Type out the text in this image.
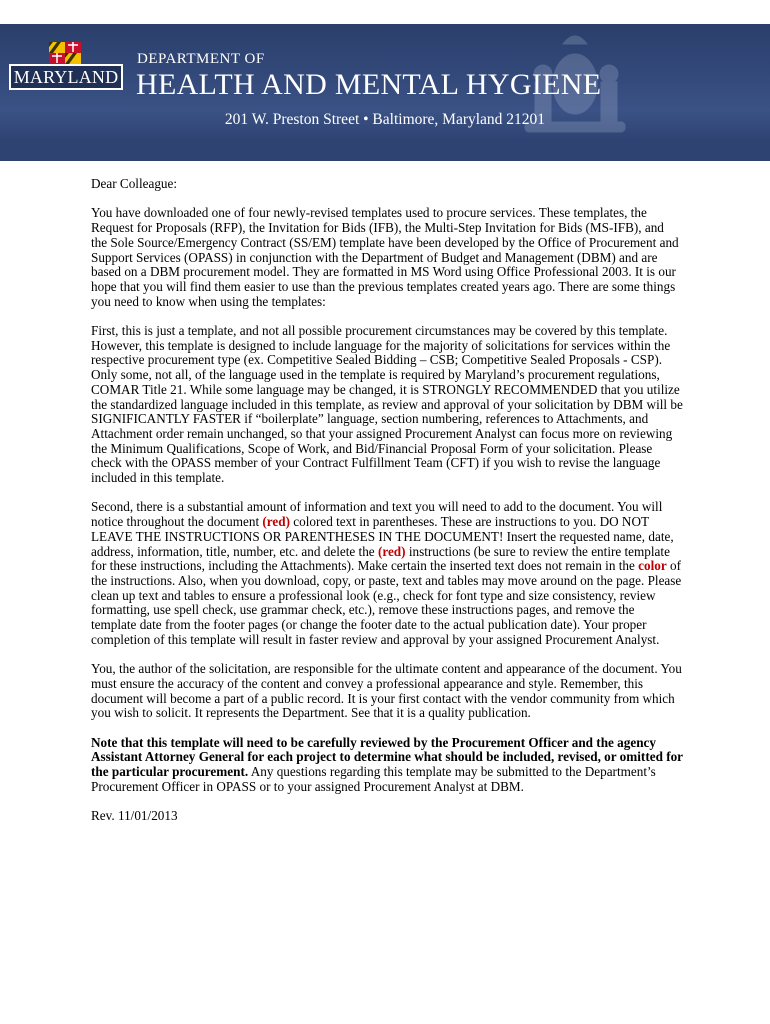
MARYLAND
DEPARTMENT OF
HEALTH AND MENTAL HYGIENE
201 W. Preston Street • Baltimore, Maryland 21201

Dear Colleague:

You have downloaded one of four newly-revised templates used to procure services. These templates, the Request for Proposals (RFP), the Invitation for Bids (IFB), the Multi-Step Invitation for Bids (MS-IFB), and the Sole Source/Emergency Contract (SS/EM) template have been developed by the Office of Procurement and Support Services (OPASS) in conjunction with the Department of Budget and Management (DBM) and are based on a DBM procurement model. They are formatted in MS Word using Office Professional 2003. It is our hope that you will find them easier to use than the previous templates created years ago. There are some things you need to know when using the templates:

First, this is just a template, and not all possible procurement circumstances may be covered by this template. However, this template is designed to include language for the majority of solicitations for services within the respective procurement type (ex. Competitive Sealed Bidding – CSB; Competitive Sealed Proposals - CSP). Only some, not all, of the language used in the template is required by Maryland’s procurement regulations, COMAR Title 21. While some language may be changed, it is STRONGLY RECOMMENDED that you utilize the standardized language included in this template, as review and approval of your solicitation by DBM will be SIGNIFICANTLY FASTER if “boilerplate” language, section numbering, references to Attachments, and Attachment order remain unchanged, so that your assigned Procurement Analyst can focus more on reviewing the Minimum Qualifications, Scope of Work, and Bid/Financial Proposal Form of your solicitation. Please check with the OPASS member of your Contract Fulfillment Team (CFT) if you wish to revise the language included in this template.

Second, there is a substantial amount of information and text you will need to add to the document. You will notice throughout the document (red) colored text in parentheses. These are instructions to you. DO NOT LEAVE THE INSTRUCTIONS OR PARENTHESES IN THE DOCUMENT! Insert the requested name, date, address, information, title, number, etc. and delete the (red) instructions (be sure to review the entire template for these instructions, including the Attachments). Make certain the inserted text does not remain in the color of the instructions. Also, when you download, copy, or paste, text and tables may move around on the page. Please clean up text and tables to ensure a professional look (e.g., check for font type and size consistency, review formatting, use spell check, use grammar check, etc.), remove these instructions pages, and remove the template date from the footer pages (or change the footer date to the actual publication date). Your proper completion of this template will result in faster review and approval by your assigned Procurement Analyst.

You, the author of the solicitation, are responsible for the ultimate content and appearance of the document. You must ensure the accuracy of the content and convey a professional appearance and style. Remember, this document will become a part of a public record. It is your first contact with the vendor community from which you wish to solicit. It represents the Department. See that it is a quality publication.

Note that this template will need to be carefully reviewed by the Procurement Officer and the agency Assistant Attorney General for each project to determine what should be included, revised, or omitted for the particular procurement. Any questions regarding this template may be submitted to the Department’s Procurement Officer in OPASS or to your assigned Procurement Analyst at DBM.

Rev. 11/01/2013
